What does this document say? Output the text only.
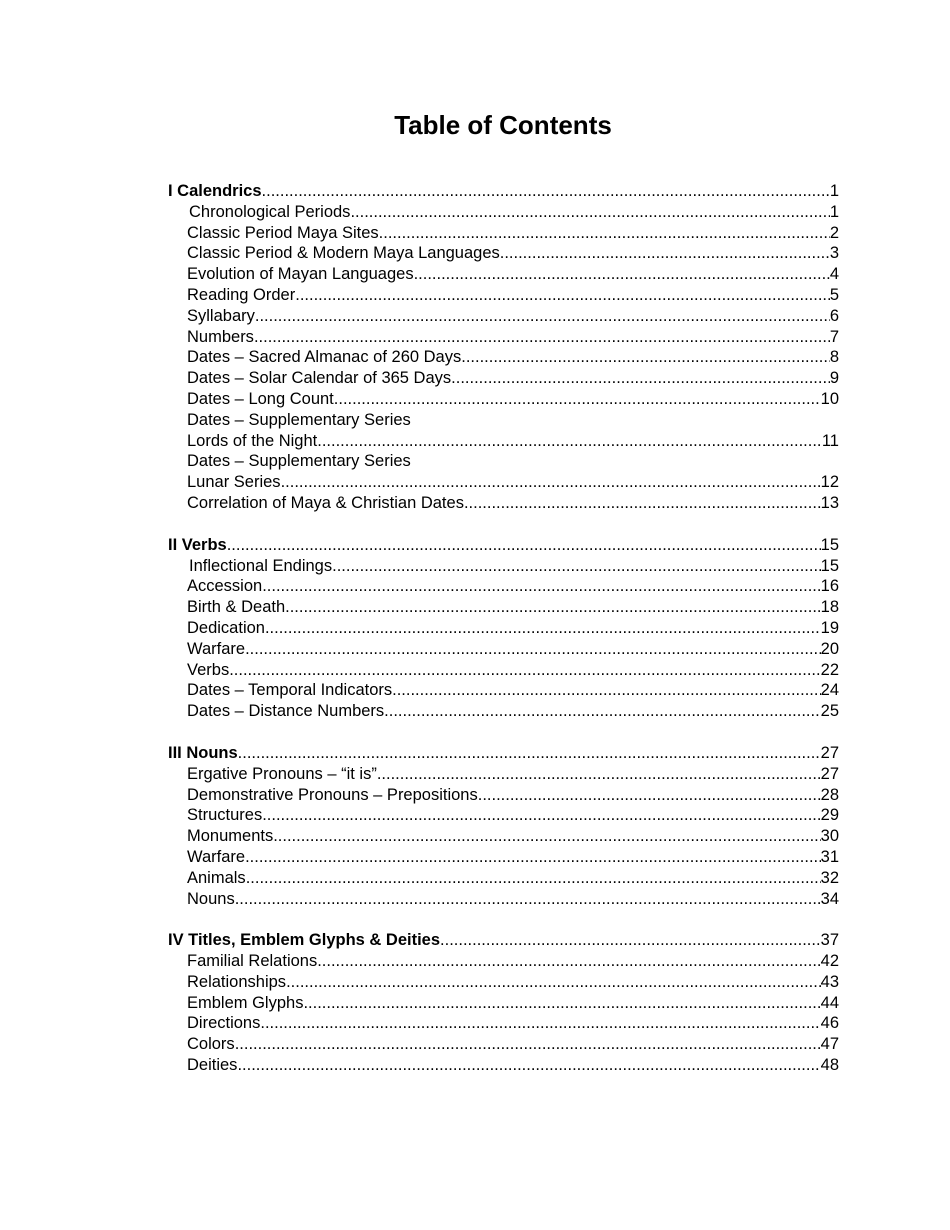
Table of Contents
I Calendrics .....	1
Chronological Periods .....	1
Classic Period Maya Sites .....	2
Classic Period & Modern Maya Languages .....	3
Evolution of Mayan Languages .....	4
Reading Order .....	5
Syllabary .....	6
Numbers .....	7
Dates – Sacred Almanac of 260 Days .....	8
Dates – Solar Calendar of 365 Days .....	9
Dates – Long Count .....	10
Dates – Supplementary Series
Lords of the Night .....	11
Dates – Supplementary Series
Lunar Series .....	12
Correlation of Maya & Christian Dates .....	13
II Verbs .....	15
Inflectional Endings .....	15
Accession .....	16
Birth & Death .....	18
Dedication .....	19
Warfare .....	20
Verbs .....	22
Dates – Temporal Indicators .....	24
Dates – Distance Numbers .....	25
III Nouns .....	27
Ergative Pronouns – “it is” .....	27
Demonstrative Pronouns – Prepositions .....	28
Structures .....	29
Monuments .....	30
Warfare .....	31
Animals .....	32
Nouns .....	34
IV Titles, Emblem Glyphs & Deities .....	37
Familial Relations .....	42
Relationships .....	43
Emblem Glyphs .....	44
Directions .....	46
Colors .....	47
Deities .....	48
